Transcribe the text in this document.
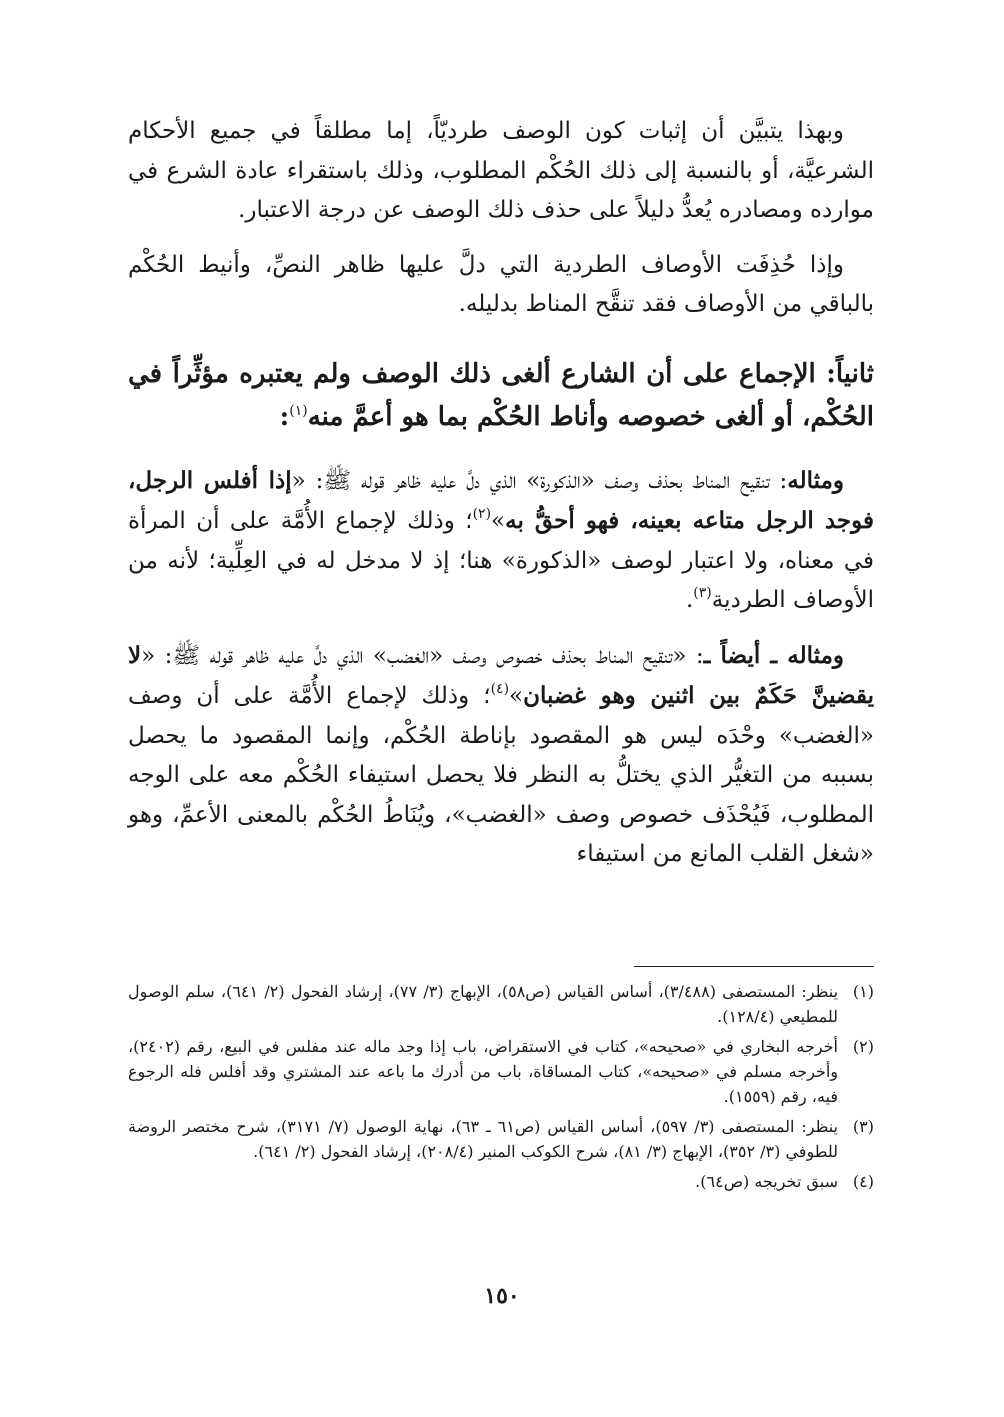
وبهذا يتبيَّن أن إثبات كون الوصف طرديّاً، إما مطلقاً في جميع الأحكام الشرعيَّة، أو بالنسبة إلى ذلك الحُكْم المطلوب، وذلك باستقراء عادة الشرع في موارده ومصادره يُعدُّ دليلاً على حذف ذلك الوصف عن درجة الاعتبار.

وإذا حُذِفَت الأوصاف الطردية التي دلَّ عليها ظاهر النصِّ، وأنيط الحُكْم بالباقي من الأوصاف فقد تنقَّح المناط بدليله.

ثانياً: الإجماع على أن الشارع ألغى ذلك الوصف ولم يعتبره مؤثِّراً في الحُكْم، أو ألغى خصوصه وأناط الحُكْم بما هو أعمَّ منه$^{(١)}$:

ومثاله: تنقيح المناط بحذف وصف «الذكورة» الذي دلَّ عليه ظاهر قوله ﷺ: «إذا أفلس الرجل، فوجد الرجل متاعه بعينه، فهو أحقُّ به»$^{(٢)}$؛ وذلك لإجماع الأُمَّة على أن المرأة في معناه، ولا اعتبار لوصف «الذكورة» هنا؛ إذ لا مدخل له في العِلِّية؛ لأنه من الأوصاف الطردية$^{(٣)}$.

ومثاله ـ أيضاً ـ: «تنقيح المناط بحذف خصوص وصف «الغضب» الذي دلَّ عليه ظاهر قوله ﷺ: «لا يقضينَّ حَكَمٌ بين اثنين وهو غضبان»$^{(٤)}$؛ وذلك لإجماع الأُمَّة على أن وصف «الغضب» وحْدَه ليس هو المقصود بإناطة الحُكْم، وإنما المقصود ما يحصل بسببه من التغيُّر الذي يختلُّ به النظر فلا يحصل استيفاء الحُكْم معه على الوجه المطلوب، فَيُحْذَف خصوص وصف «الغضب»، ويُنَاطُ الحُكْم بالمعنى الأعمِّ، وهو «شغل القلب المانع من استيفاء

(١)
ينظر: المستصفى (٣/٤٨٨)، أساس القياس (ص٥٨)، الإبهاج (٣/ ٧٧)، إرشاد الفحول (٢/ ٦٤١)، سلم الوصول للمطيعي (١٢٨/٤).
(٢)
أخرجه البخاري في «صحيحه»، كتاب في الاستقراض، باب إذا وجد ماله عند مفلس في البيع، رقم (٢٤٠٢)، وأخرجه مسلم في «صحيحه»، كتاب المساقاة، باب من أدرك ما باعه عند المشتري وقد أفلس فله الرجوع فيه، رقم (١٥٥٩).
(٣)
ينظر: المستصفى (٣/ ٥٩٧)، أساس القياس (ص٦١ ـ ٦٣)، نهاية الوصول (٧/ ٣١٧١)، شرح مختصر الروضة للطوفي (٣/ ٣٥٢)، الإبهاج (٣/ ٨١)، شرح الكوكب المنير (٢٠٨/٤)، إرشاد الفحول (٢/ ٦٤١).
(٤)
سبق تخريجه (ص٦٤).
١٥٠
